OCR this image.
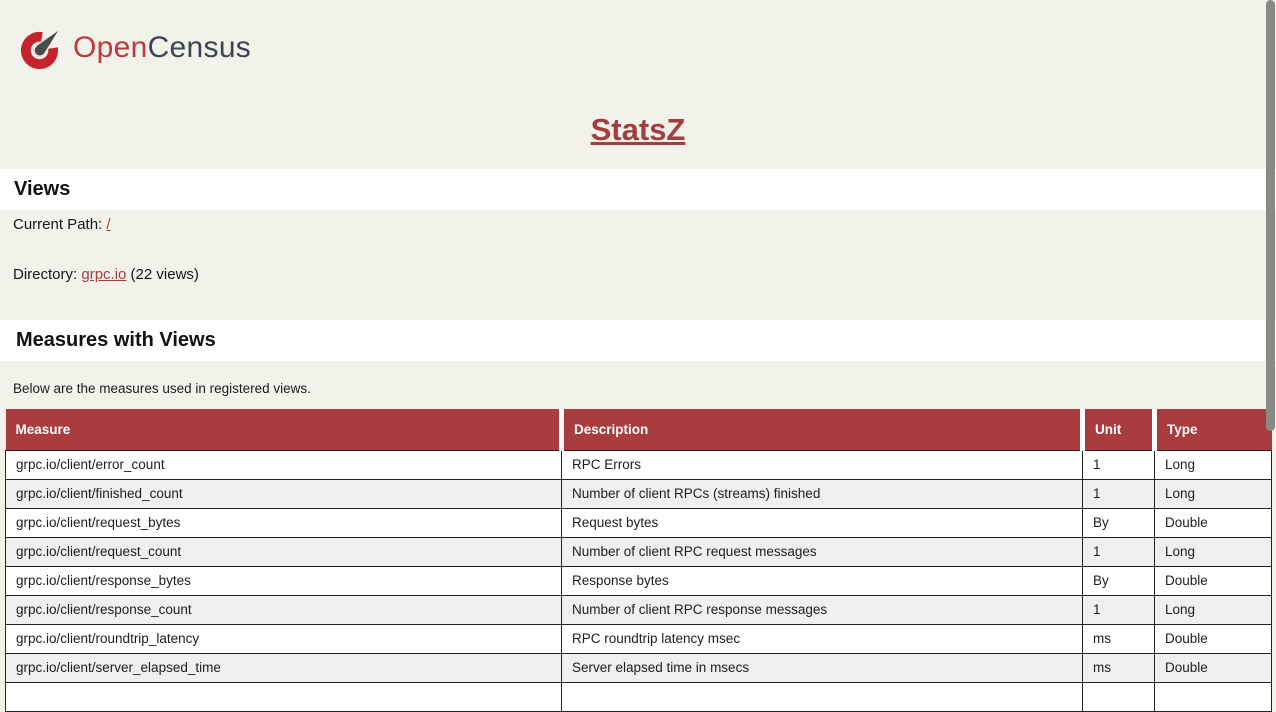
OpenCensus
StatsZ
Views
Current Path: /
Directory: grpc.io (22 views)
Measures with Views
Below are the measures used in registered views.
Measure	Description	Unit	Type
grpc.io/client/error_count	RPC Errors	1	Long
grpc.io/client/finished_count	Number of client RPCs (streams) finished	1	Long
grpc.io/client/request_bytes	Request bytes	By	Double
grpc.io/client/request_count	Number of client RPC request messages	1	Long
grpc.io/client/response_bytes	Response bytes	By	Double
grpc.io/client/response_count	Number of client RPC response messages	1	Long
grpc.io/client/roundtrip_latency	RPC roundtrip latency msec	ms	Double
grpc.io/client/server_elapsed_time	Server elapsed time in msecs	ms	Double
